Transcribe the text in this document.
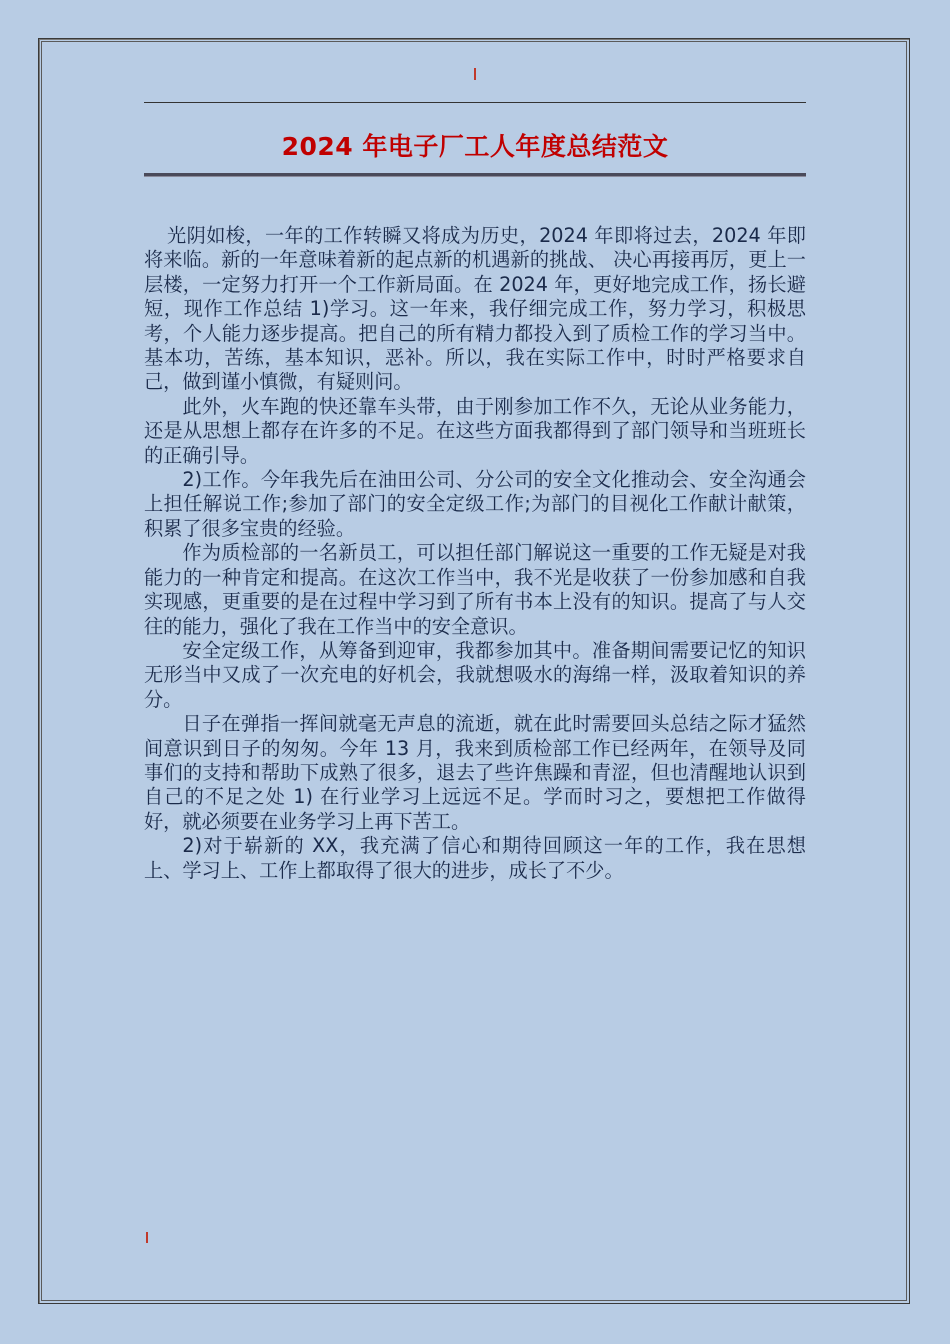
2024 年电子厂工人年度总结范文

光阴如梭，一年的工作转瞬又将成为历史，2024 年即将过去，2024 年即将来临。新的一年意味着新的起点新的机遇新的挑战、 决心再接再厉，更上一层楼，一定努力打开一个工作新局面。在 2024 年，更好地完成工作，扬长避短，现作工作总结 1)学习。这一年来，我仔细完成工作，努力学习，积极思考，个人能力逐步提高。把自己的所有精力都投入到了质检工作的学习当中。基本功，苦练，基本知识，恶补。所以，我在实际工作中，时时严格要求自己，做到谨小慎微，有疑则问。

此外，火车跑的快还靠车头带，由于刚参加工作不久，无论从业务能力，还是从思想上都存在许多的不足。在这些方面我都得到了部门领导和当班班长的正确引导。

2)工作。今年我先后在油田公司、分公司的安全文化推动会、安全沟通会上担任解说工作;参加了部门的安全定级工作;为部门的目视化工作献计献策，积累了很多宝贵的经验。

作为质检部的一名新员工，可以担任部门解说这一重要的工作无疑是对我能力的一种肯定和提高。在这次工作当中，我不光是收获了一份参加感和自我实现感，更重要的是在过程中学习到了所有书本上没有的知识。提高了与人交往的能力，强化了我在工作当中的安全意识。

安全定级工作，从筹备到迎审，我都参加其中。准备期间需要记忆的知识无形当中又成了一次充电的好机会，我就想吸水的海绵一样，汲取着知识的养分。

日子在弹指一挥间就毫无声息的流逝，就在此时需要回头总结之际才猛然间意识到日子的匆匆。今年 13 月，我来到质检部工作已经两年，在领导及同事们的支持和帮助下成熟了很多，退去了些许焦躁和青涩，但也清醒地认识到自己的不足之处 1) 在行业学习上远远不足。学而时习之，要想把工作做得好，就必须要在业务学习上再下苦工。

2)对于崭新的 XX，我充满了信心和期待回顾这一年的工作，我在思想上、学习上、工作上都取得了很大的进步，成长了不少。
